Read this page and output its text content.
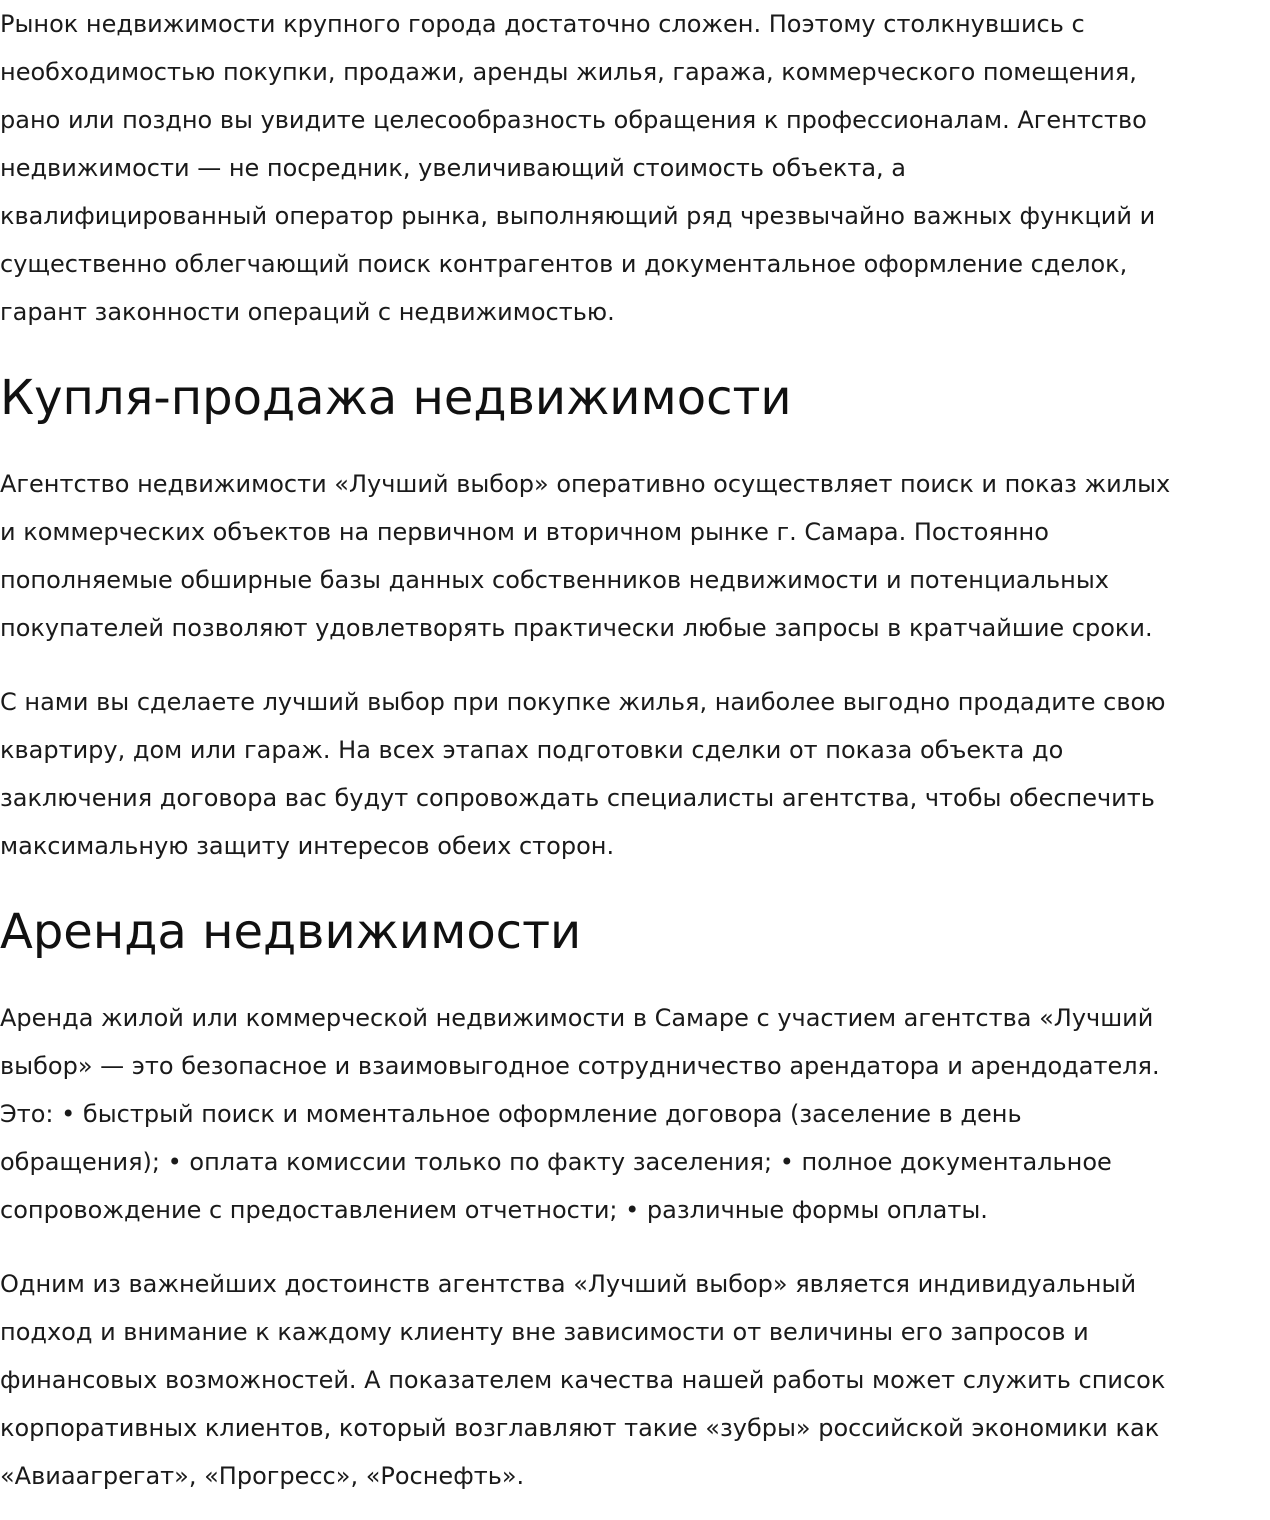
Рынок недвижимости крупного города достаточно сложен. Поэтому столкнувшись с
необходимостью покупки, продажи, аренды жилья, гаража, коммерческого помещения,
рано или поздно вы увидите целесообразность обращения к профессионалам. Агентство
недвижимости — не посредник, увеличивающий стоимость объекта, а
квалифицированный оператор рынка, выполняющий ряд чрезвычайно важных функций и
существенно облегчающий поиск контрагентов и документальное оформление сделок,
гарант законности операций с недвижимостью.

Купля-продажа недвижимости

Агентство недвижимости «Лучший выбор» оперативно осуществляет поиск и показ жилых
и коммерческих объектов на первичном и вторичном рынке г. Самара. Постоянно
пополняемые обширные базы данных собственников недвижимости и потенциальных
покупателей позволяют удовлетворять практически любые запросы в кратчайшие сроки.

С нами вы сделаете лучший выбор при покупке жилья, наиболее выгодно продадите свою
квартиру, дом или гараж. На всех этапах подготовки сделки от показа объекта до
заключения договора вас будут сопровождать специалисты агентства, чтобы обеспечить
максимальную защиту интересов обеих сторон.

Аренда недвижимости

Аренда жилой или коммерческой недвижимости в Самаре с участием агентства «Лучший
выбор» — это безопасное и взаимовыгодное сотрудничество арендатора и арендодателя.
Это: • быстрый поиск и моментальное оформление договора (заселение в день
обращения); • оплата комиссии только по факту заселения; • полное документальное
сопровождение с предоставлением отчетности; • различные формы оплаты.

Одним из важнейших достоинств агентства «Лучший выбор» является индивидуальный
подход и внимание к каждому клиенту вне зависимости от величины его запросов и
финансовых возможностей. А показателем качества нашей работы может служить список
корпоративных клиентов, который возглавляют такие «зубры» российской экономики как
«Авиаагрегат», «Прогресс», «Роснефть».
